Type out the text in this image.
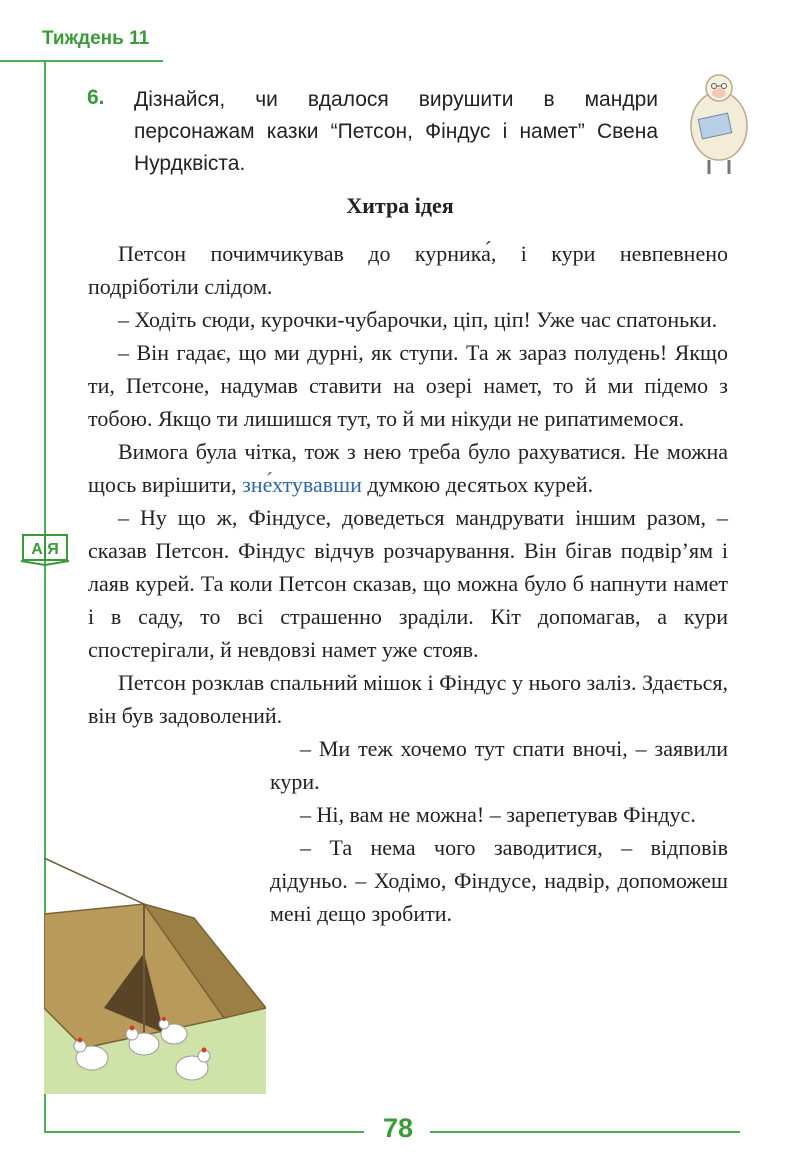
Тиждень 11
6. Дізнайся, чи вдалося вирушити в мандри персонажам казки “Петсон, Фіндус і намет” Свена Нурдквіста.
Хитра ідея
А Я

Петсон почимчикував до курника́, і кури невпевнено подріботіли слідом.

– Ходіть сюди, курочки-чубарочки, ціп, ціп! Уже час спатоньки.

– Він гадає, що ми дурні, як ступи. Та ж зараз полудень! Якщо ти, Петсоне, надумав ставити на озері намет, то й ми підемо з тобою. Якщо ти лишишся тут, то й ми нікуди не рипатимемося.

Вимога була чітка, тож з нею треба було рахуватися. Не можна щось вирішити, зне́хтувавши думкою десятьох курей.

– Ну що ж, Фіндусе, доведеться мандрувати іншим разом, – сказав Петсон. Фіндус відчув розчарування. Він бігав подвір’ям і лаяв курей. Та коли Петсон сказав, що можна було б напнути намет і в саду, то всі страшенно зраділи. Кіт допомагав, а кури спостерігали, й невдовзі намет уже стояв.

Петсон розклав спальний мішок і Фіндус у нього заліз. Здається, він був задоволений.

– Ми теж хочемо тут спати вночі, – заявили кури.

– Ні, вам не можна! – зарепетував Фіндус.

– Та нема чого заводитися, – відповів дідуньо. – Ходімо, Фіндусе, надвір, допоможеш мені дещо зробити.

78
